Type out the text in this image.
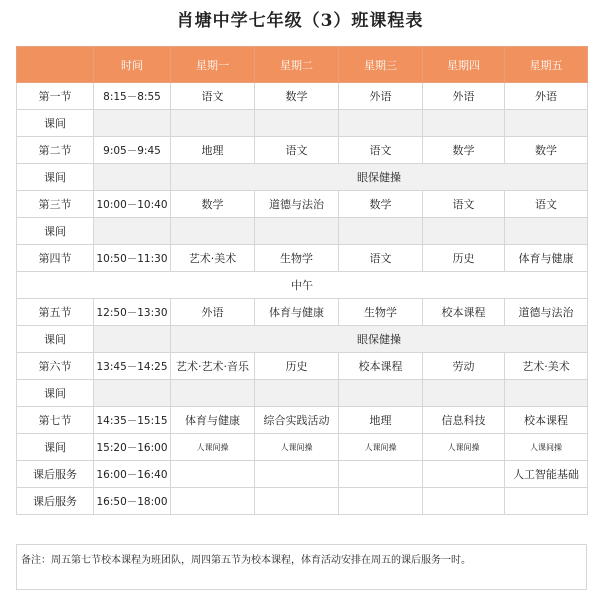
肖塘中学七年级（3）班课程表
	时间	星期一	星期二	星期三	星期四	星期五
第一节	8:15－8:55	语文	数学	外语	外语	外语
课间						
第二节	9:05－9:45	地理	语文	语文	数学	数学
课间		眼保健操				
第三节	10:00－10:40	数学	道德与法治	数学	语文	语文
课间						
第四节	10:50－11:30	艺术·美术	生物学	语文	历史	体育与健康
中午						
第五节	12:50－13:30	外语	体育与健康	生物学	校本课程	道德与法治
课间		眼保健操				
第六节	13:45－14:25	艺术·艺术·音乐	历史	校本课程	劳动	艺术·美术
课间						
第七节	14:35－15:15	体育与健康	综合实践活动	地理	信息科技	校本课程
课间	15:20－16:00	人课间操	人课间操	人课间操	人课间操	人课间操
课后服务	16:00－16:40					人工智能基础
课后服务	16:50－18:00					
备注：周五第七节校本课程为班团队，周四第五节为校本课程，体育活动安排在周五的课后服务一时。
